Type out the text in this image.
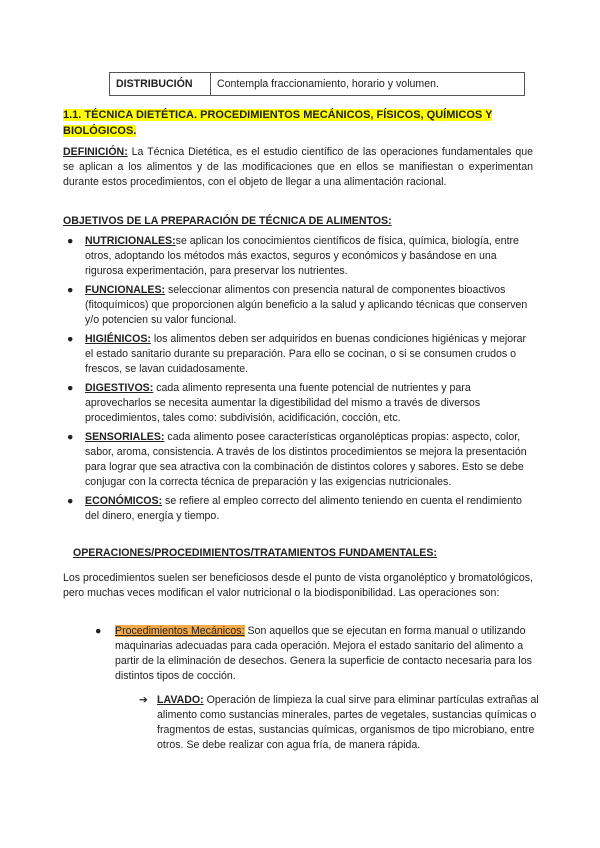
DISTRIBUCIÓN	Contempla fraccionamiento, horario y volumen.
1.1. TÉCNICA DIETÉTICA. PROCEDIMIENTOS MECÁNICOS, FÍSICOS, QUÍMICOS Y BIOLÓGICOS.
DEFINICIÓN: La Técnica Dietética, es el estudio científico de las operaciones fundamentales que se aplican a los alimentos y de las modificaciones que en ellos se manifiestan o experimentan durante estos procedimientos, con el objeto de llegar a una alimentación racional.
OBJETIVOS DE LA PREPARACIÓN DE TÉCNICA DE ALIMENTOS:
● NUTRICIONALES:se aplican los conocimientos científicos de física, química, biología, entre otros, adoptando los métodos más exactos, seguros y económicos y basándose en una rigurosa experimentación, para preservar los nutrientes.
● FUNCIONALES: seleccionar alimentos con presencia natural de componentes bioactivos (fitoquímicos) que proporcionen algún beneficio a la salud y aplicando técnicas que conserven y/o potencien su valor funcional.
● HIGIÉNICOS: los alimentos deben ser adquiridos en buenas condiciones higiénicas y mejorar el estado sanitario durante su preparación. Para ello se cocinan, o si se consumen crudos o frescos, se lavan cuidadosamente.
● DIGESTIVOS: cada alimento representa una fuente potencial de nutrientes y para aprovecharlos se necesita aumentar la digestibilidad del mismo a través de diversos procedimientos, tales como: subdivisión, acidificación, cocción, etc.
● SENSORIALES: cada alimento posee características organolépticas propias: aspecto, color, sabor, aroma, consistencia. A través de los distintos procedimientos se mejora la presentación para lograr que sea atractiva con la combinación de distintos colores y sabores. Esto se debe conjugar con la correcta técnica de preparación y las exigencias nutricionales.
● ECONÓMICOS: se refiere al empleo correcto del alimento teniendo en cuenta el rendimiento del dinero, energía y tiempo.
OPERACIONES/PROCEDIMIENTOS/TRATAMIENTOS FUNDAMENTALES:
Los procedimientos suelen ser beneficiosos desde el punto de vista organoléptico y bromatológicos, pero muchas veces modifican el valor nutricional o la biodisponibilidad. Las operaciones son:
●	Procedimientos Mecánicos: Son aquellos que se ejecutan en forma manual o utilizando maquinarias adecuadas para cada operación. Mejora el estado sanitario del alimento a partir de la eliminación de desechos. Genera la superficie de contacto necesaria para los distintos tipos de cocción.
➔ LAVADO: Operación de limpieza la cual sirve para eliminar partículas extrañas al alimento como sustancias minerales, partes de vegetales, sustancias químicas o fragmentos de estas, sustancias químicas, organismos de tipo microbiano, entre otros. Se debe realizar con agua fría, de manera rápida.
